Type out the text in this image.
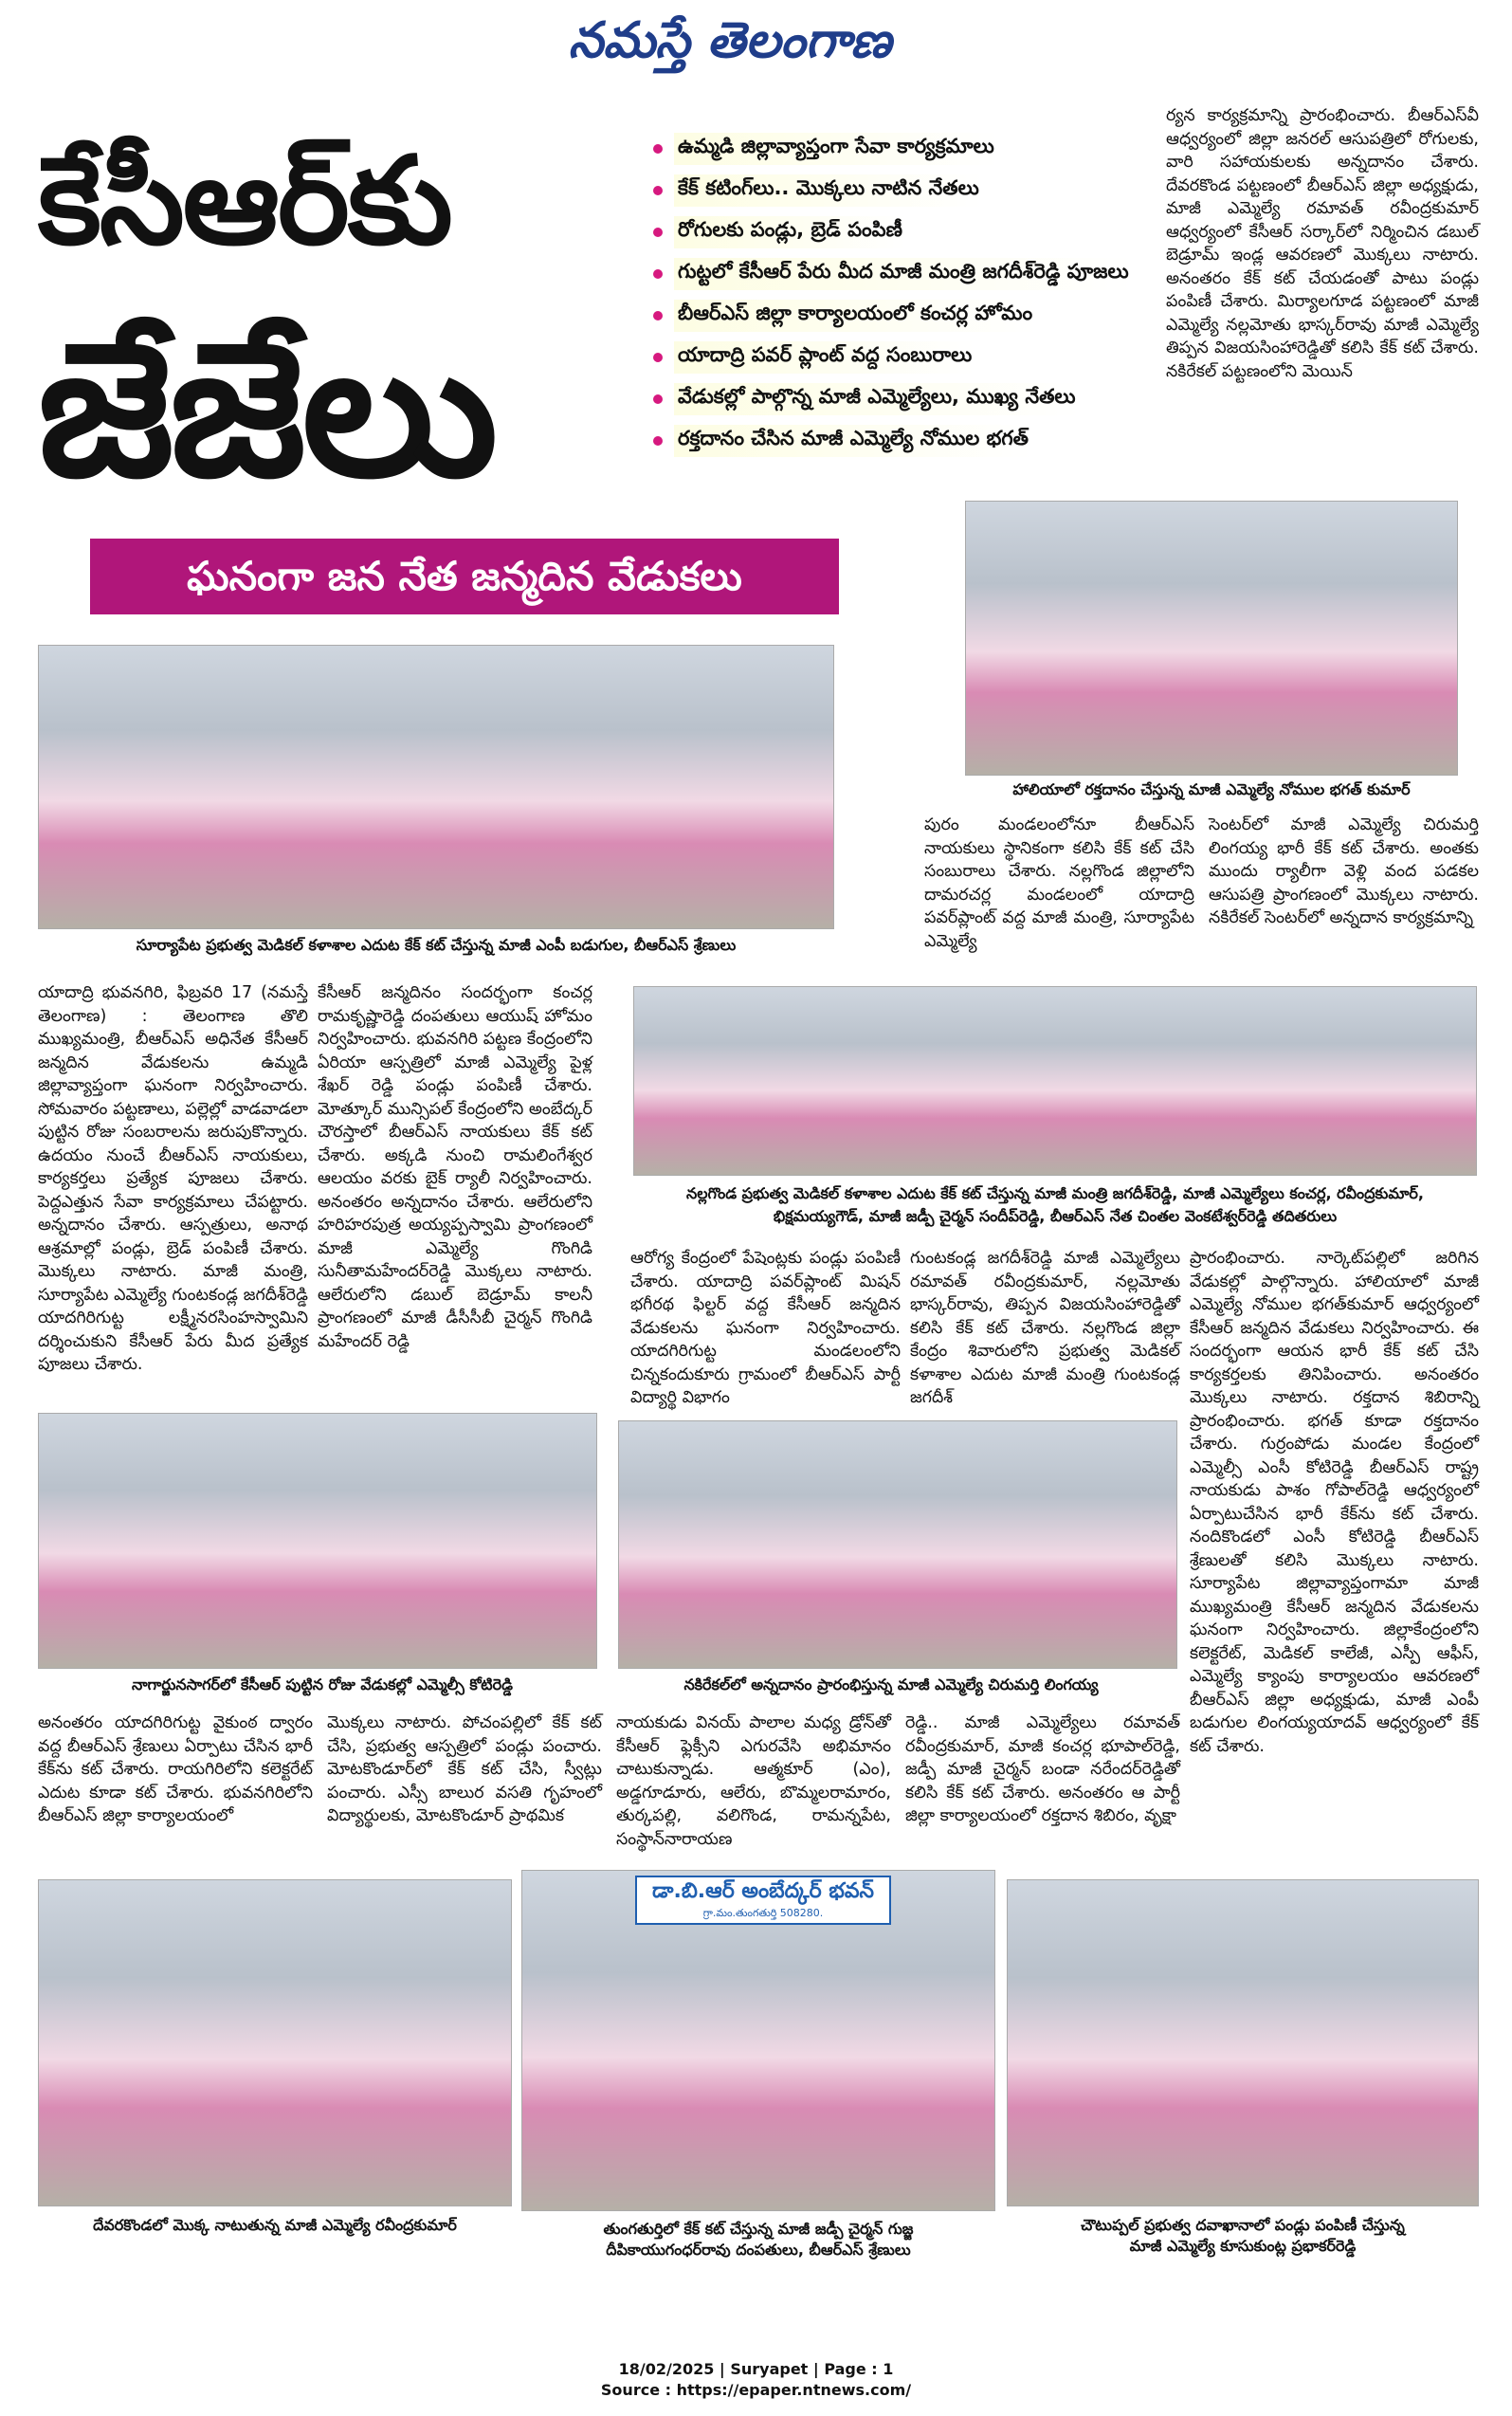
నమస్తే తెలంగాణ
కేసీఆర్‌కు
జేజేలు
ఉమ్మడి జిల్లావ్యాప్తంగా సేవా కార్యక్రమాలు
కేక్ కటింగ్‌లు.. మొక్కలు నాటిన నేతలు
రోగులకు పండ్లు, బ్రెడ్ పంపిణీ
గుట్టలో కేసీఆర్ పేరు మీద మాజీ మంత్రి జగదీశ్‌రెడ్డి పూజలు
బీఆర్‌ఎస్ జిల్లా కార్యాలయంలో కంచర్ల హోమం
యాదాద్రి పవర్ ప్లాంట్ వద్ద సంబురాలు
వేడుకల్లో పాల్గొన్న మాజీ ఎమ్మెల్యేలు, ముఖ్య నేతలు
రక్తదానం చేసిన మాజీ ఎమ్మెల్యే నోముల భగత్
ర్యన కార్యక్రమాన్ని ప్రారంభించారు. బీఆర్ఎస్‌వీ ఆధ్వర్యంలో జిల్లా జనరల్ ఆసుపత్రిలో రోగులకు, వారి సహాయకులకు అన్నదానం చేశారు. దేవరకొండ పట్టణంలో బీఆర్ఎస్ జిల్లా అధ్యక్షుడు, మాజీ ఎమ్మెల్యే రమావత్ రవీంద్రకుమార్ ఆధ్వర్యంలో కేసీఆర్ సర్కార్‌లో నిర్మించిన డబుల్ బెడ్రూమ్ ఇండ్ల ఆవరణలో మొక్కలు నాటారు. అనంతరం కేక్ కట్ చేయడంతో పాటు పండ్లు పంపిణీ చేశారు. మిర్యాలగూడ పట్టణంలో మాజీ ఎమ్మెల్యే నల్లమోతు భాస్కర్‌రావు మాజీ ఎమ్మెల్యే తిప్పన విజయసింహారెడ్డితో కలిసి కేక్ కట్ చేశారు. నకిరేకల్ పట్టణంలోని మెయిన్
ఘనంగా జన నేత జన్మదిన వేడుకలు
సూర్యాపేట ప్రభుత్వ మెడికల్ కళాశాల ఎదుట కేక్ కట్ చేస్తున్న మాజీ ఎంపీ బడుగుల, బీఆర్ఎస్ శ్రేణులు
హాలియాలో రక్తదానం చేస్తున్న మాజీ ఎమ్మెల్యే నోముల భగత్ కుమార్
పురం మండలంలోనూ బీఆర్ఎస్ నాయకులు స్థానికంగా కలిసి కేక్ కట్ చేసి సంబురాలు చేశారు. నల్లగొండ జిల్లాలోని దామరచర్ల మండలంలో యాదాద్రి పవర్‌ప్లాంట్ వద్ద మాజీ మంత్రి, సూర్యాపేట ఎమ్మెల్యే
సెంటర్‌లో మాజీ ఎమ్మెల్యే చిరుమర్తి లింగయ్య భారీ కేక్ కట్ చేశారు. అంతకు ముందు ర్యాలీగా వెళ్లి వంద పడకల ఆసుపత్రి ప్రాంగణంలో మొక్కలు నాటారు. నకిరేకల్ సెంటర్‌లో అన్నదాన కార్యక్రమాన్ని
యాదాద్రి భువనగిరి, ఫిబ్రవరి 17 (నమస్తే తెలంగాణ) : తెలంగాణ తొలి ముఖ్యమంత్రి, బీఆర్ఎస్ అధినేత కేసీఆర్ జన్మదిన వేడుకలను ఉమ్మడి జిల్లావ్యాప్తంగా ఘనంగా నిర్వహించారు. సోమవారం పట్టణాలు, పల్లెల్లో వాడవాడలా పుట్టిన రోజు సంబరాలను జరుపుకొన్నారు. ఉదయం నుంచే బీఆర్ఎస్ నాయకులు, కార్యకర్తలు ప్రత్యేక పూజలు చేశారు. పెద్దఎత్తున సేవా కార్యక్రమాలు చేపట్టారు. అన్నదానం చేశారు. ఆస్పత్రులు, అనాథ ఆశ్రమాల్లో పండ్లు, బ్రెడ్ పంపిణీ చేశారు. మొక్కలు నాటారు. మాజీ మంత్రి, సూర్యాపేట ఎమ్మెల్యే గుంటకండ్ల జగదీశ్‌రెడ్డి యాదగిరిగుట్ట లక్ష్మీనరసింహస్వామిని దర్శించుకుని కేసీఆర్ పేరు మీద ప్రత్యేక పూజలు చేశారు.
కేసీఆర్ జన్మదినం సందర్భంగా కంచర్ల రామకృష్ణారెడ్డి దంపతులు ఆయుష్ హోమం నిర్వహించారు. భువనగిరి పట్టణ కేంద్రంలోని ఏరియా ఆస్పత్రిలో మాజీ ఎమ్మెల్యే పైళ్ల శేఖర్ రెడ్డి పండ్లు పంపిణీ చేశారు. మోత్కూర్ మున్సిపల్ కేంద్రంలోని అంబేద్కర్ చౌరస్తాలో బీఆర్ఎస్ నాయకులు కేక్ కట్ చేశారు. అక్కడి నుంచి రామలింగేశ్వర ఆలయం వరకు బైక్ ర్యాలీ నిర్వహించారు. అనంతరం అన్నదానం చేశారు. ఆలేరులోని హరిహరపుత్ర అయ్యప్పస్వామి ప్రాంగణంలో మాజీ ఎమ్మెల్యే గొంగిడి సునీతామహేందర్‌రెడ్డి మొక్కలు నాటారు. ఆలేరులోని డబుల్ బెడ్రూమ్ కాలనీ ప్రాంగణంలో మాజీ డీసీసీబీ చైర్మన్ గొంగిడి మహేందర్ రెడ్డి
నల్లగొండ ప్రభుత్వ మెడికల్ కళాశాల ఎదుట కేక్ కట్ చేస్తున్న మాజీ మంత్రి జగదీశ్‌రెడ్డి, మాజీ ఎమ్మెల్యేలు కంచర్ల, రవీంద్రకుమార్,
భిక్షమయ్యగౌడ్, మాజీ జడ్పీ చైర్మన్ సందీప్‌రెడ్డి, బీఆర్ఎస్ నేత చింతల వెంకటేశ్వర్‌రెడ్డి తదితరులు
ఆరోగ్య కేంద్రంలో పేషెంట్లకు పండ్లు పంపిణీ చేశారు. యాదాద్రి పవర్‌ప్లాంట్ మిషన్ భగీరథ ఫిల్టర్ వద్ద కేసీఆర్ జన్మదిన వేడుకలను ఘనంగా నిర్వహించారు. యాదగిరిగుట్ట మండలంలోని చిన్నకందుకూరు గ్రామంలో బీఆర్ఎస్ పార్టీ విద్యార్థి విభాగం
గుంటకండ్ల జగదీశ్‌రెడ్డి మాజీ ఎమ్మెల్యేలు రమావత్ రవీంద్రకుమార్, నల్లమోతు భాస్కర్‌రావు, తిప్పన విజయసింహారెడ్డితో కలిసి కేక్ కట్ చేశారు. నల్లగొండ జిల్లా కేంద్రం శివారులోని ప్రభుత్వ మెడికల్ కళాశాల ఎదుట మాజీ మంత్రి గుంటకండ్ల జగదీశ్
ప్రారంభించారు. నార్కెట్‌పల్లిలో జరిగిన వేడుకల్లో పాల్గొన్నారు. హాలియాలో మాజీ ఎమ్మెల్యే నోముల భగత్‌కుమార్ ఆధ్వర్యంలో కేసీఆర్ జన్మదిన వేడుకలు నిర్వహించారు. ఈ సందర్భంగా ఆయన భారీ కేక్ కట్ చేసి కార్యకర్తలకు తినిపించారు. అనంతరం మొక్కలు నాటారు. రక్తదాన శిబిరాన్ని ప్రారంభించారు. భగత్ కూడా రక్తదానం చేశారు. గుర్రంపోడు మండల కేంద్రంలో ఎమ్మెల్సీ ఎంసీ కోటిరెడ్డి బీఆర్ఎస్ రాష్ట్ర నాయకుడు పాశం గోపాల్‌రెడ్డి ఆధ్వర్యంలో ఏర్పాటుచేసిన భారీ కేక్‌ను కట్ చేశారు. నందికొండలో ఎంసీ కోటిరెడ్డి బీఆర్ఎస్ శ్రేణులతో కలిసి మొక్కలు నాటారు. సూర్యాపేట జిల్లావ్యాప్తంగామా మాజీ ముఖ్యమంత్రి కేసీఆర్ జన్మదిన వేడుకలను ఘనంగా నిర్వహించారు. జిల్లాకేంద్రంలోని కలెక్టరేట్, మెడికల్ కాలేజీ, ఎస్పీ ఆఫీస్, ఎమ్మెల్యే క్యాంపు కార్యాలయం ఆవరణలో బీఆర్ఎస్ జిల్లా అధ్యక్షుడు, మాజీ ఎంపీ బడుగుల లింగయ్యయాదవ్ ఆధ్వర్యంలో కేక్ కట్ చేశారు.
నాగార్జునసాగర్‌లో కేసీఆర్ పుట్టిన రోజు వేడుకల్లో ఎమ్మెల్సీ కోటిరెడ్డి	నకిరేకల్‌లో అన్నదానం ప్రారంభిస్తున్న మాజీ ఎమ్మెల్యే చిరుమర్తి లింగయ్య
అనంతరం యాదగిరిగుట్ట వైకుంఠ ద్వారం వద్ద బీఆర్ఎస్ శ్రేణులు ఏర్పాటు చేసిన భారీ కేక్‌ను కట్ చేశారు. రాయగిరిలోని కలెక్టరేట్ ఎదుట కూడా కట్ చేశారు. భువనగిరిలోని బీఆర్ఎస్ జిల్లా కార్యాలయంలో
మొక్కలు నాటారు. పోచంపల్లిలో కేక్ కట్ చేసి, ప్రభుత్వ ఆస్పత్రిలో పండ్లు పంచారు. మోటకొండూర్‌లో కేక్ కట్ చేసి, స్వీట్లు పంచారు. ఎస్సీ బాలుర వసతి గృహంలో విద్యార్థులకు, మోటకొండూర్ ప్రాథమిక
నాయకుడు వినయ్ పాలాల మధ్య డ్రోన్‌తో కేసీఆర్ ఫ్లెక్సీని ఎగురవేసి అభిమానం చాటుకున్నాడు. ఆత్మకూర్ (ఎం), అడ్డగూడూరు, ఆలేరు, బొమ్మలరామారం, తుర్కపల్లి, వలిగొండ, రామన్నపేట, సంస్థాన్‌నారాయణ
రెడ్డి.. మాజీ ఎమ్మెల్యేలు రమావత్ రవీంద్రకుమార్, మాజీ కంచర్ల భూపాల్‌రెడ్డి, జడ్పీ మాజీ చైర్మన్ బండా నరేందర్‌రెడ్డితో కలిసి కేక్ కట్ చేశారు. అనంతరం ఆ పార్టీ జిల్లా కార్యాలయంలో రక్తదాన శిబిరం, వృక్షా
దేవరకొండలో మొక్క నాటుతున్న మాజీ ఎమ్మెల్యే రవీంద్రకుమార్
డా.బి.ఆర్ అంబేద్కర్ భవన్
గ్రా.మం.తుంగతుర్తి 508280.
తుంగతుర్తిలో కేక్ కట్ చేస్తున్న మాజీ జడ్పీ చైర్మన్ గుజ్జ
దీపికాయుగంధర్‌రావు దంపతులు, బీఆర్ఎస్ శ్రేణులు
చౌటుప్పల్ ప్రభుత్వ దవాఖానాలో పండ్లు పంపిణీ చేస్తున్న
మాజీ ఎమ్మెల్యే కూసుకుంట్ల ప్రభాకర్‌రెడ్డి
18/02/2025 | Suryapet | Page : 1
Source : https://epaper.ntnews.com/
